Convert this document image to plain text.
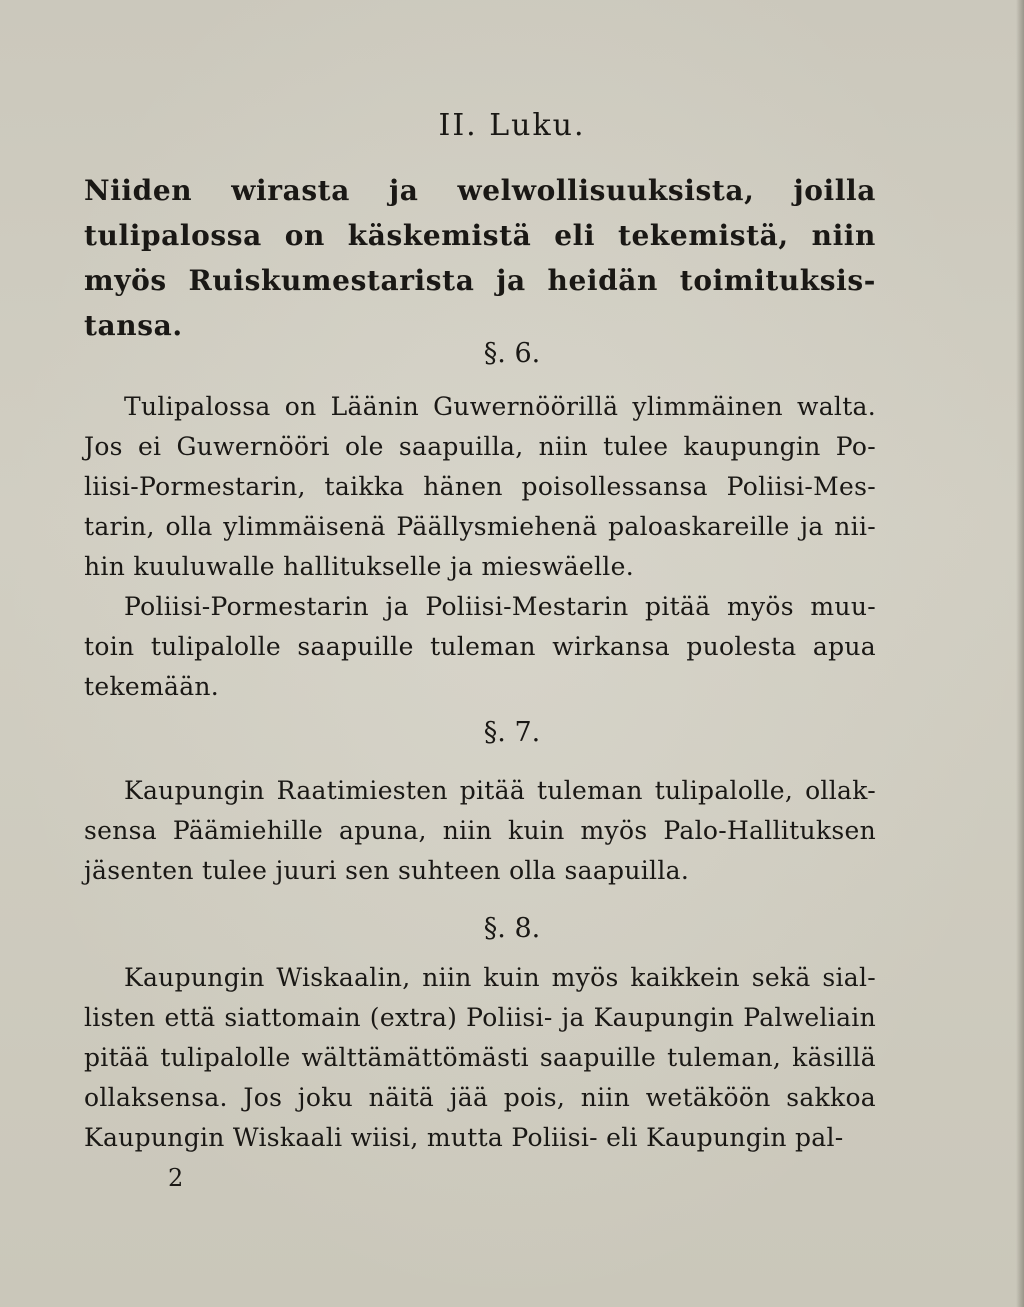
II. Luku.
Niiden wirasta ja welwollisuuksista, joilla tulipalossa on käskemistä eli tekemistä, niin myös Ruiskumestarista ja heidän toimituksis- tansa.
§. 6.
Tulipalossa on Läänin Guwernöörillä ylimmäinen walta. Jos ei Guwernööri ole saapuilla, niin tulee kaupungin Po- liisi-Pormestarin, taikka hänen poisollessansa Poliisi-Mes- tarin, olla ylimmäisenä Päällysmiehenä paloaskareille ja nii- hin kuuluwalle hallitukselle ja mieswäelle.
Poliisi-Pormestarin ja Poliisi-Mestarin pitää myös muu- toin tulipalolle saapuille tuleman wirkansa puolesta apua tekemään.
§. 7.
Kaupungin Raatimiesten pitää tuleman tulipalolle, ollak- sensa Päämiehille apuna, niin kuin myös Palo-Hallituksen jäsenten tulee juuri sen suhteen olla saapuilla.
§. 8.
Kaupungin Wiskaalin, niin kuin myös kaikkein sekä sial- listen että siattomain (extra) Poliisi- ja Kaupungin Palweliain pitää tulipalolle wälttämättömästi saapuille tuleman, käsillä ollaksensa. Jos joku näitä jää pois, niin wetäköön sakkoa Kaupungin Wiskaali wiisi, mutta Poliisi- eli Kaupungin pal-
2
